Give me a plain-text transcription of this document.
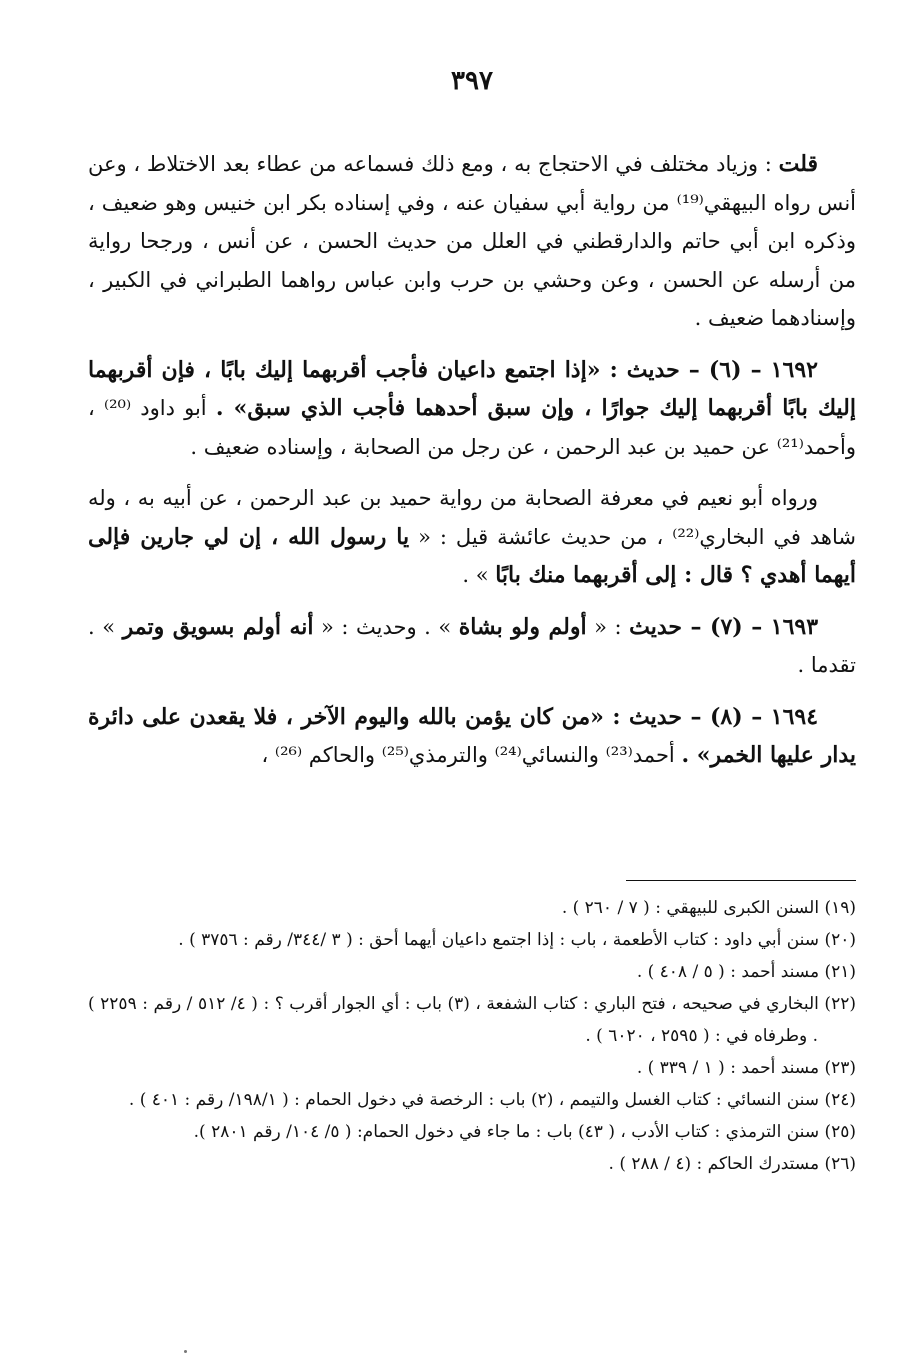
٣٩٧

قلت : وزياد مختلف في الاحتجاج به ، ومع ذلك فسماعه من عطاء بعد الاختلاط ، وعن أنس رواه البيهقي⁽¹⁹⁾ من رواية أبي سفيان عنه ، وفي إسناده بكر ابن خنيس وهو ضعيف ، وذكره ابن أبي حاتم والدارقطني في العلل من حديث الحسن ، عن أنس ، ورجحا رواية من أرسله عن الحسن ، وعن وحشي بن حرب وابن عباس رواهما الطبراني في الكبير ، وإسنادهما ضعيف .

١٦٩٢ – (٦) – حديث : «إذا اجتمع داعيان فأجب أقربهما إليك بابًا ، فإن أقربهما إليك بابًا أقربهما إليك جوارًا ، وإن سبق أحدهما فأجب الذي سبق» . أبو داود ⁽²⁰⁾ ، وأحمد⁽²¹⁾ عن حميد بن عبد الرحمن ، عن رجل من الصحابة ، وإسناده ضعيف .

ورواه أبو نعيم في معرفة الصحابة من رواية حميد بن عبد الرحمن ، عن أبيه به ، وله شاهد في البخاري⁽²²⁾ ، من حديث عائشة قيل : « يا رسول الله ، إن لي جارين فإلى أيهما أهدي ؟ قال : إلى أقربهما منك بابًا » .

١٦٩٣ – (٧) – حديث : « أولم ولو بشاة » . وحديث : « أنه أولم بسويق وتمر » . تقدما .

١٦٩٤ – (٨) – حديث : «من كان يؤمن بالله واليوم الآخر ، فلا يقعدن على دائرة يدار عليها الخمر» . أحمد⁽²³⁾ والنسائي⁽²⁴⁾ والترمذي⁽²⁵⁾ والحاكم ⁽²⁶⁾ ،

(١٩) السنن الكبرى للبيهقي : ( ٧ / ٢٦٠ ) .
(٢٠) سنن أبي داود : كتاب الأطعمة ، باب : إذا اجتمع داعيان أيهما أحق : ( ٣ /٣٤٤/ رقم : ٣٧٥٦ ) .
(٢١) مسند أحمد : ( ٥ / ٤٠٨ ) .
(٢٢) البخاري في صحيحه ، فتح الباري : كتاب الشفعة ، (٣) باب : أي الجوار أقرب ؟ : ( ٤/ ٥١٢ / رقم : ٢٢٥٩ ) . وطرفاه في : ( ٢٥٩٥ ، ٦٠٢٠ ) .
(٢٣) مسند أحمد : ( ١ / ٣٣٩ ) .
(٢٤) سنن النسائي : كتاب الغسل والتيمم ، (٢) باب : الرخصة في دخول الحمام : ( ١٩٨/١/ رقم : ٤٠١ ) .
(٢٥) سنن الترمذي : كتاب الأدب ، ( ٤٣) باب : ما جاء في دخول الحمام: ( ٥/ ١٠٤/ رقم ٢٨٠١ ).
(٢٦) مستدرك الحاكم : (٤ / ٢٨٨ ) .
